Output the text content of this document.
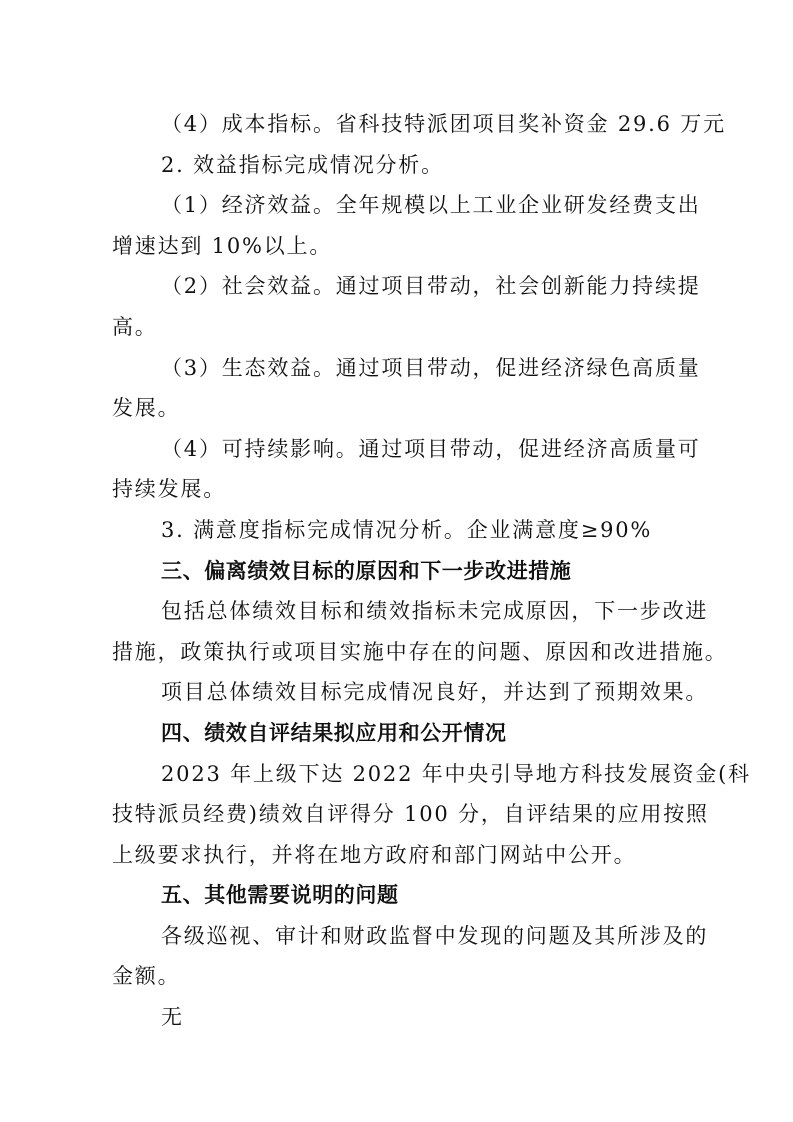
（4）成本指标。省科技特派团项目奖补资金 29.6 万元
2. 效益指标完成情况分析。
（1）经济效益。全年规模以上工业企业研发经费支出
增速达到 10%以上。
（2）社会效益。通过项目带动，社会创新能力持续提
高。
（3）生态效益。通过项目带动，促进经济绿色高质量
发展。
（4）可持续影响。通过项目带动，促进经济高质量可
持续发展。
3. 满意度指标完成情况分析。企业满意度≥90%
三、偏离绩效目标的原因和下一步改进措施
包括总体绩效目标和绩效指标未完成原因，下一步改进
措施，政策执行或项目实施中存在的问题、原因和改进措施。
项目总体绩效目标完成情况良好，并达到了预期效果。
四、绩效自评结果拟应用和公开情况
2023 年上级下达 2022 年中央引导地方科技发展资金(科
技特派员经费)绩效自评得分 100 分，自评结果的应用按照
上级要求执行，并将在地方政府和部门网站中公开。
五、其他需要说明的问题
各级巡视、审计和财政监督中发现的问题及其所涉及的
金额。
无
